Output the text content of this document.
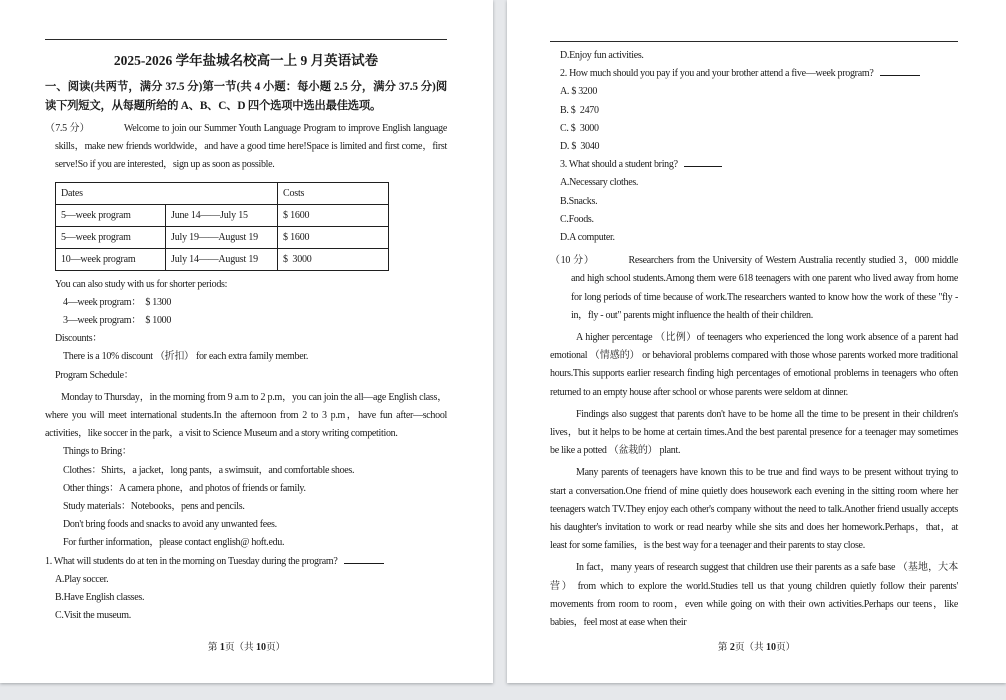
2025-2026 学年盐城名校高一上 9 月英语试卷
一、阅读(共两节，满分 37.5 分)第一节(共 4 小题：每小题 2.5 分，满分 37.5 分)阅读下列短文，从每题所给的 A、B、C、D 四个选项中选出最佳选项。

（7.5 分）	Welcome to join our Summer Youth Language Program to improve English language skills，make new friends worldwide，and have a good time here!Space is limited and first come，first serve!So if you are interested，sign up as soon as possible.

Dates		Costs
5—week program	June 14——July 15	$ 1600
5—week program	July 19——August 19	$ 1600
10—week program	July 14——August 19	$  3000
You can also study with us for shorter periods:
4—week program：  $ 1300
3—week program：  $ 1000
Discounts：
There is a 10% discount （折扣） for each extra family member.
Program Schedule：

Monday to Thursday，in the morning from 9 a.m to 2 p.m，you can join the all—age English class，where you will meet international students.In the afternoon from 2 to 3 p.m，have fun after—school activities，like soccer in the park，a visit to Science Museum and a story writing competition.

Things to Bring：
Clothes：Shirts，a jacket，long pants，a swimsuit，and comfortable shoes.
Other things：A camera phone，and photos of friends or family.
Study materials：Notebooks，pens and pencils.
Don't bring foods and snacks to avoid any unwanted fees.
For further information，please contact english@ hoft.edu.
1. What will students do at ten in the morning on Tuesday during the program?
A.Play soccer.
B.Have English classes.
C.Visit the museum.
第 1页（共 10页）
D.Enjoy fun activities.
2. How much should you pay if you and your brother attend a five—week program?
A. $ 3200
B. $  2470
C. $  3000
D. $  3040
3. What should a student bring?
A.Necessary clothes.
B.Snacks.
C.Foods.
D.A computer.

（10 分）	Researchers from the University of Western Australia recently studied 3，000 middle and high school students.Among them were 618 teenagers with one parent who lived away from home for long periods of time because of work.The researchers wanted to know how the work of these "fly - in，fly - out" parents might influence the health of their children.

A higher percentage （比例）of teenagers who experienced the long work absence of a parent had emotional （情感的） or behavioral problems compared with those whose parents worked more traditional hours.This supports earlier research finding high percentages of emotional problems in teenagers who often returned to an empty house after school or whose parents were seldom at dinner.

Findings also suggest that parents don't have to be home all the time to be present in their children's lives，but it helps to be home at certain times.And the best parental presence for a teenager may sometimes be like a potted （盆栽的） plant.

Many parents of teenagers have known this to be true and find ways to be present without trying to start a conversation.One friend of mine quietly does housework each evening in the sitting room where her teenagers watch TV.They enjoy each other's company without the need to talk.Another friend usually accepts his daughter's invitation to work or read nearby while she sits and does her homework.Perhaps，that，at least for some families，is the best way for a teenager and their parents to stay close.

In fact，many years of research suggest that children use their parents as a safe base （基地，大本营） from which to explore the world.Studies tell us that young children quietly follow their parents' movements from room to room，even while going on with their own activities.Perhaps our teens，like babies，feel most at ease when their

第 2页（共 10页）
